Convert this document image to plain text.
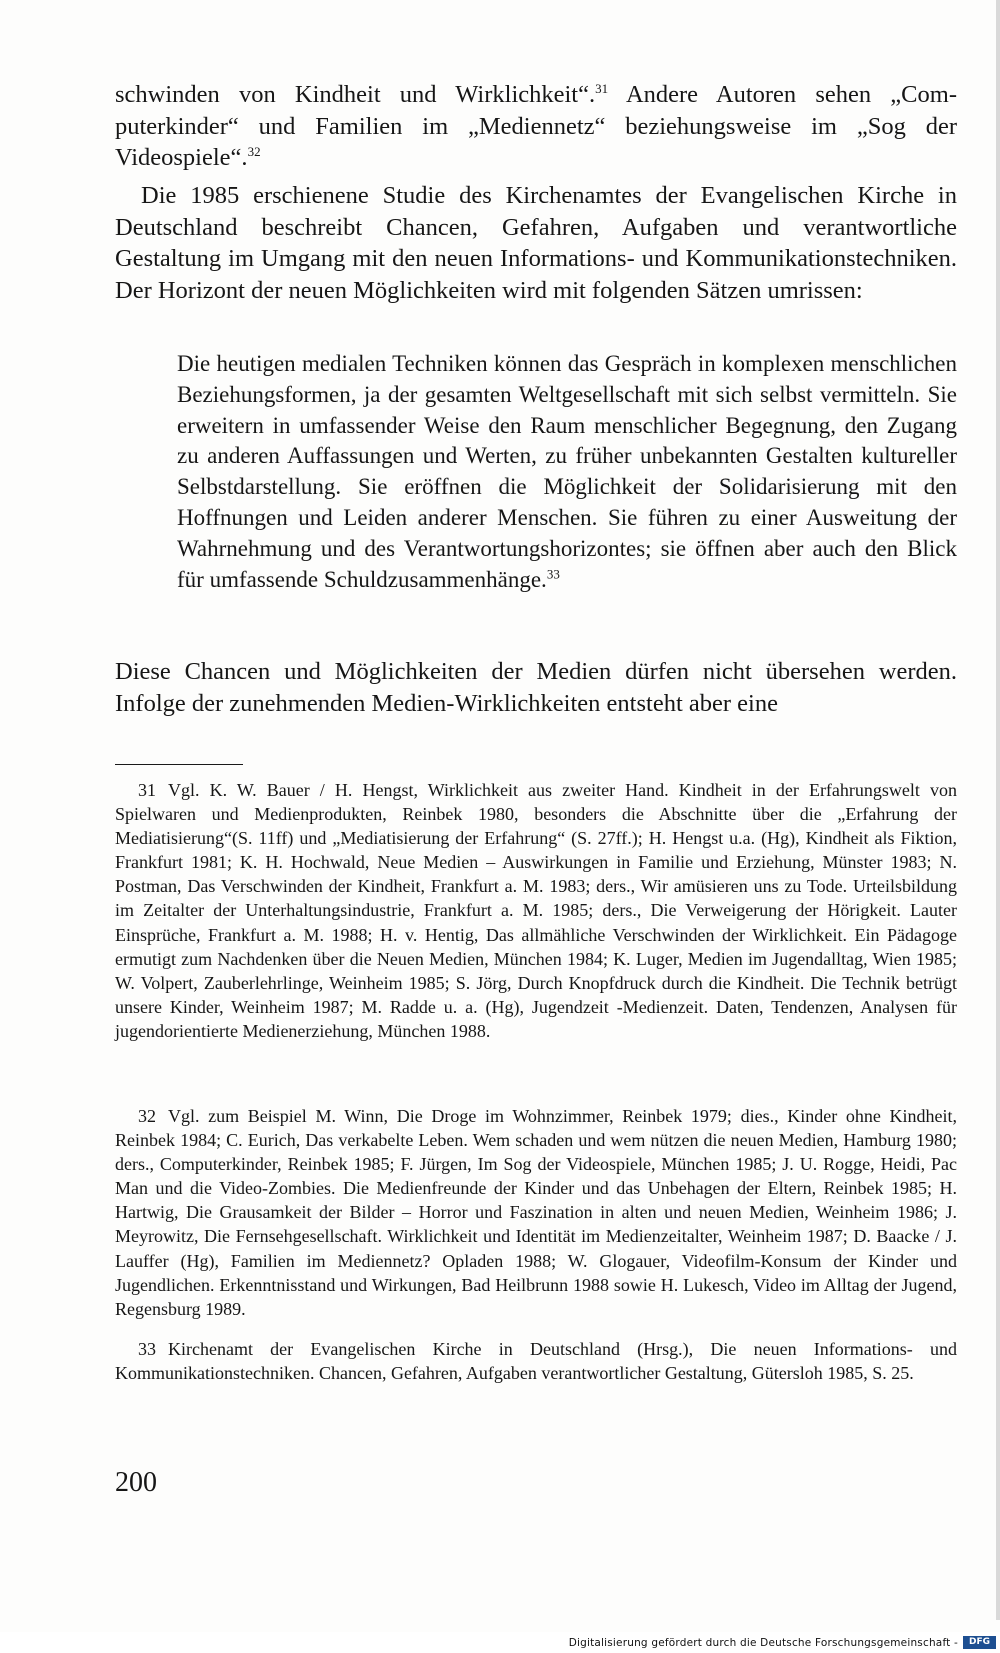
schwinden von Kindheit und Wirklichkeit“.$^{31}$ Andere Autoren sehen „Computerkinder“ und Familien im „Mediennetz“ beziehungsweise im „Sog der Videospiele“.$^{32}$
Die 1985 erschienene Studie des Kirchenamtes der Evangelischen Kirche in Deutschland beschreibt Chancen, Gefahren, Aufgaben und verantwortliche Gestaltung im Umgang mit den neuen Informations- und Kommunikationstechniken. Der Horizont der neuen Möglichkeiten wird mit folgenden Sätzen umrissen:
Die heutigen medialen Techniken können das Gespräch in komplexen menschlichen Beziehungsformen, ja der gesamten Weltgesellschaft mit sich selbst vermitteln. Sie erweitern in umfassender Weise den Raum menschlicher Begegnung, den Zugang zu anderen Auffassungen und Werten, zu früher unbekannten Gestalten kultureller Selbstdarstellung. Sie eröffnen die Möglichkeit der Solidarisierung mit den Hoffnungen und Leiden anderer Menschen. Sie führen zu einer Ausweitung der Wahrnehmung und des Verantwortungshorizontes; sie öffnen aber auch den Blick für umfassende Schuldzusammenhänge.$^{33}$
Diese Chancen und Möglichkeiten der Medien dürfen nicht übersehen werden. Infolge der zunehmenden Medien-Wirklichkeiten entsteht aber eine
31 Vgl. K. W. Bauer / H. Hengst, Wirklichkeit aus zweiter Hand. Kindheit in der Erfahrungswelt von Spielwaren und Medienprodukten, Reinbek 1980, besonders die Abschnitte über die „Erfahrung der Mediatisierung“(S. 11ff) und „Mediatisierung der Erfahrung“ (S. 27ff.); H. Hengst u.a. (Hg), Kindheit als Fiktion, Frankfurt 1981; K. H. Hochwald, Neue Medien – Auswirkungen in Familie und Erziehung, Münster 1983; N. Postman, Das Verschwinden der Kindheit, Frankfurt a. M. 1983; ders., Wir amüsieren uns zu Tode. Urteilsbildung im Zeitalter der Unterhaltungsindustrie, Frankfurt a. M. 1985; ders., Die Verweigerung der Hörigkeit. Lauter Einsprüche, Frankfurt a. M. 1988; H. v. Hentig, Das allmähliche Verschwinden der Wirklichkeit. Ein Pädagoge ermutigt zum Nachdenken über die Neuen Medien, München 1984; K. Luger, Medien im Jugendalltag, Wien 1985; W. Volpert, Zauberlehrlinge, Weinheim 1985; S. Jörg, Durch Knopfdruck durch die Kindheit. Die Technik betrügt unsere Kinder, Weinheim 1987; M. Radde u. a. (Hg), Jugendzeit -Medienzeit. Daten, Tendenzen, Analysen für jugendorientierte Medienerziehung, München 1988.
32 Vgl. zum Beispiel M. Winn, Die Droge im Wohnzimmer, Reinbek 1979; dies., Kinder ohne Kindheit, Reinbek 1984; C. Eurich, Das verkabelte Leben. Wem schaden und wem nützen die neuen Medien, Hamburg 1980; ders., Computerkinder, Reinbek 1985; F. Jürgen, Im Sog der Videospiele, München 1985; J. U. Rogge, Heidi, Pac Man und die Video-Zombies. Die Medienfreunde der Kinder und das Unbehagen der Eltern, Reinbek 1985; H. Hartwig, Die Grausamkeit der Bilder – Horror und Faszination in alten und neuen Medien, Weinheim 1986; J. Meyrowitz, Die Fernsehgesellschaft. Wirklichkeit und Identität im Medienzeitalter, Weinheim 1987; D. Baacke / J. Lauffer (Hg), Familien im Mediennetz? Opladen 1988; W. Glogauer, Videofilm-Konsum der Kinder und Jugendlichen. Erkenntnisstand und Wirkungen, Bad Heilbrunn 1988 sowie H. Lukesch, Video im Alltag der Jugend, Regensburg 1989.
33 Kirchenamt der Evangelischen Kirche in Deutschland (Hrsg.), Die neuen Informations- und Kommunikationstechniken. Chancen, Gefahren, Aufgaben verantwortlicher Gestaltung, Gütersloh 1985, S. 25.
200
Digitalisierung gefördert durch die Deutsche Forschungsgemeinschaft -	DFG
